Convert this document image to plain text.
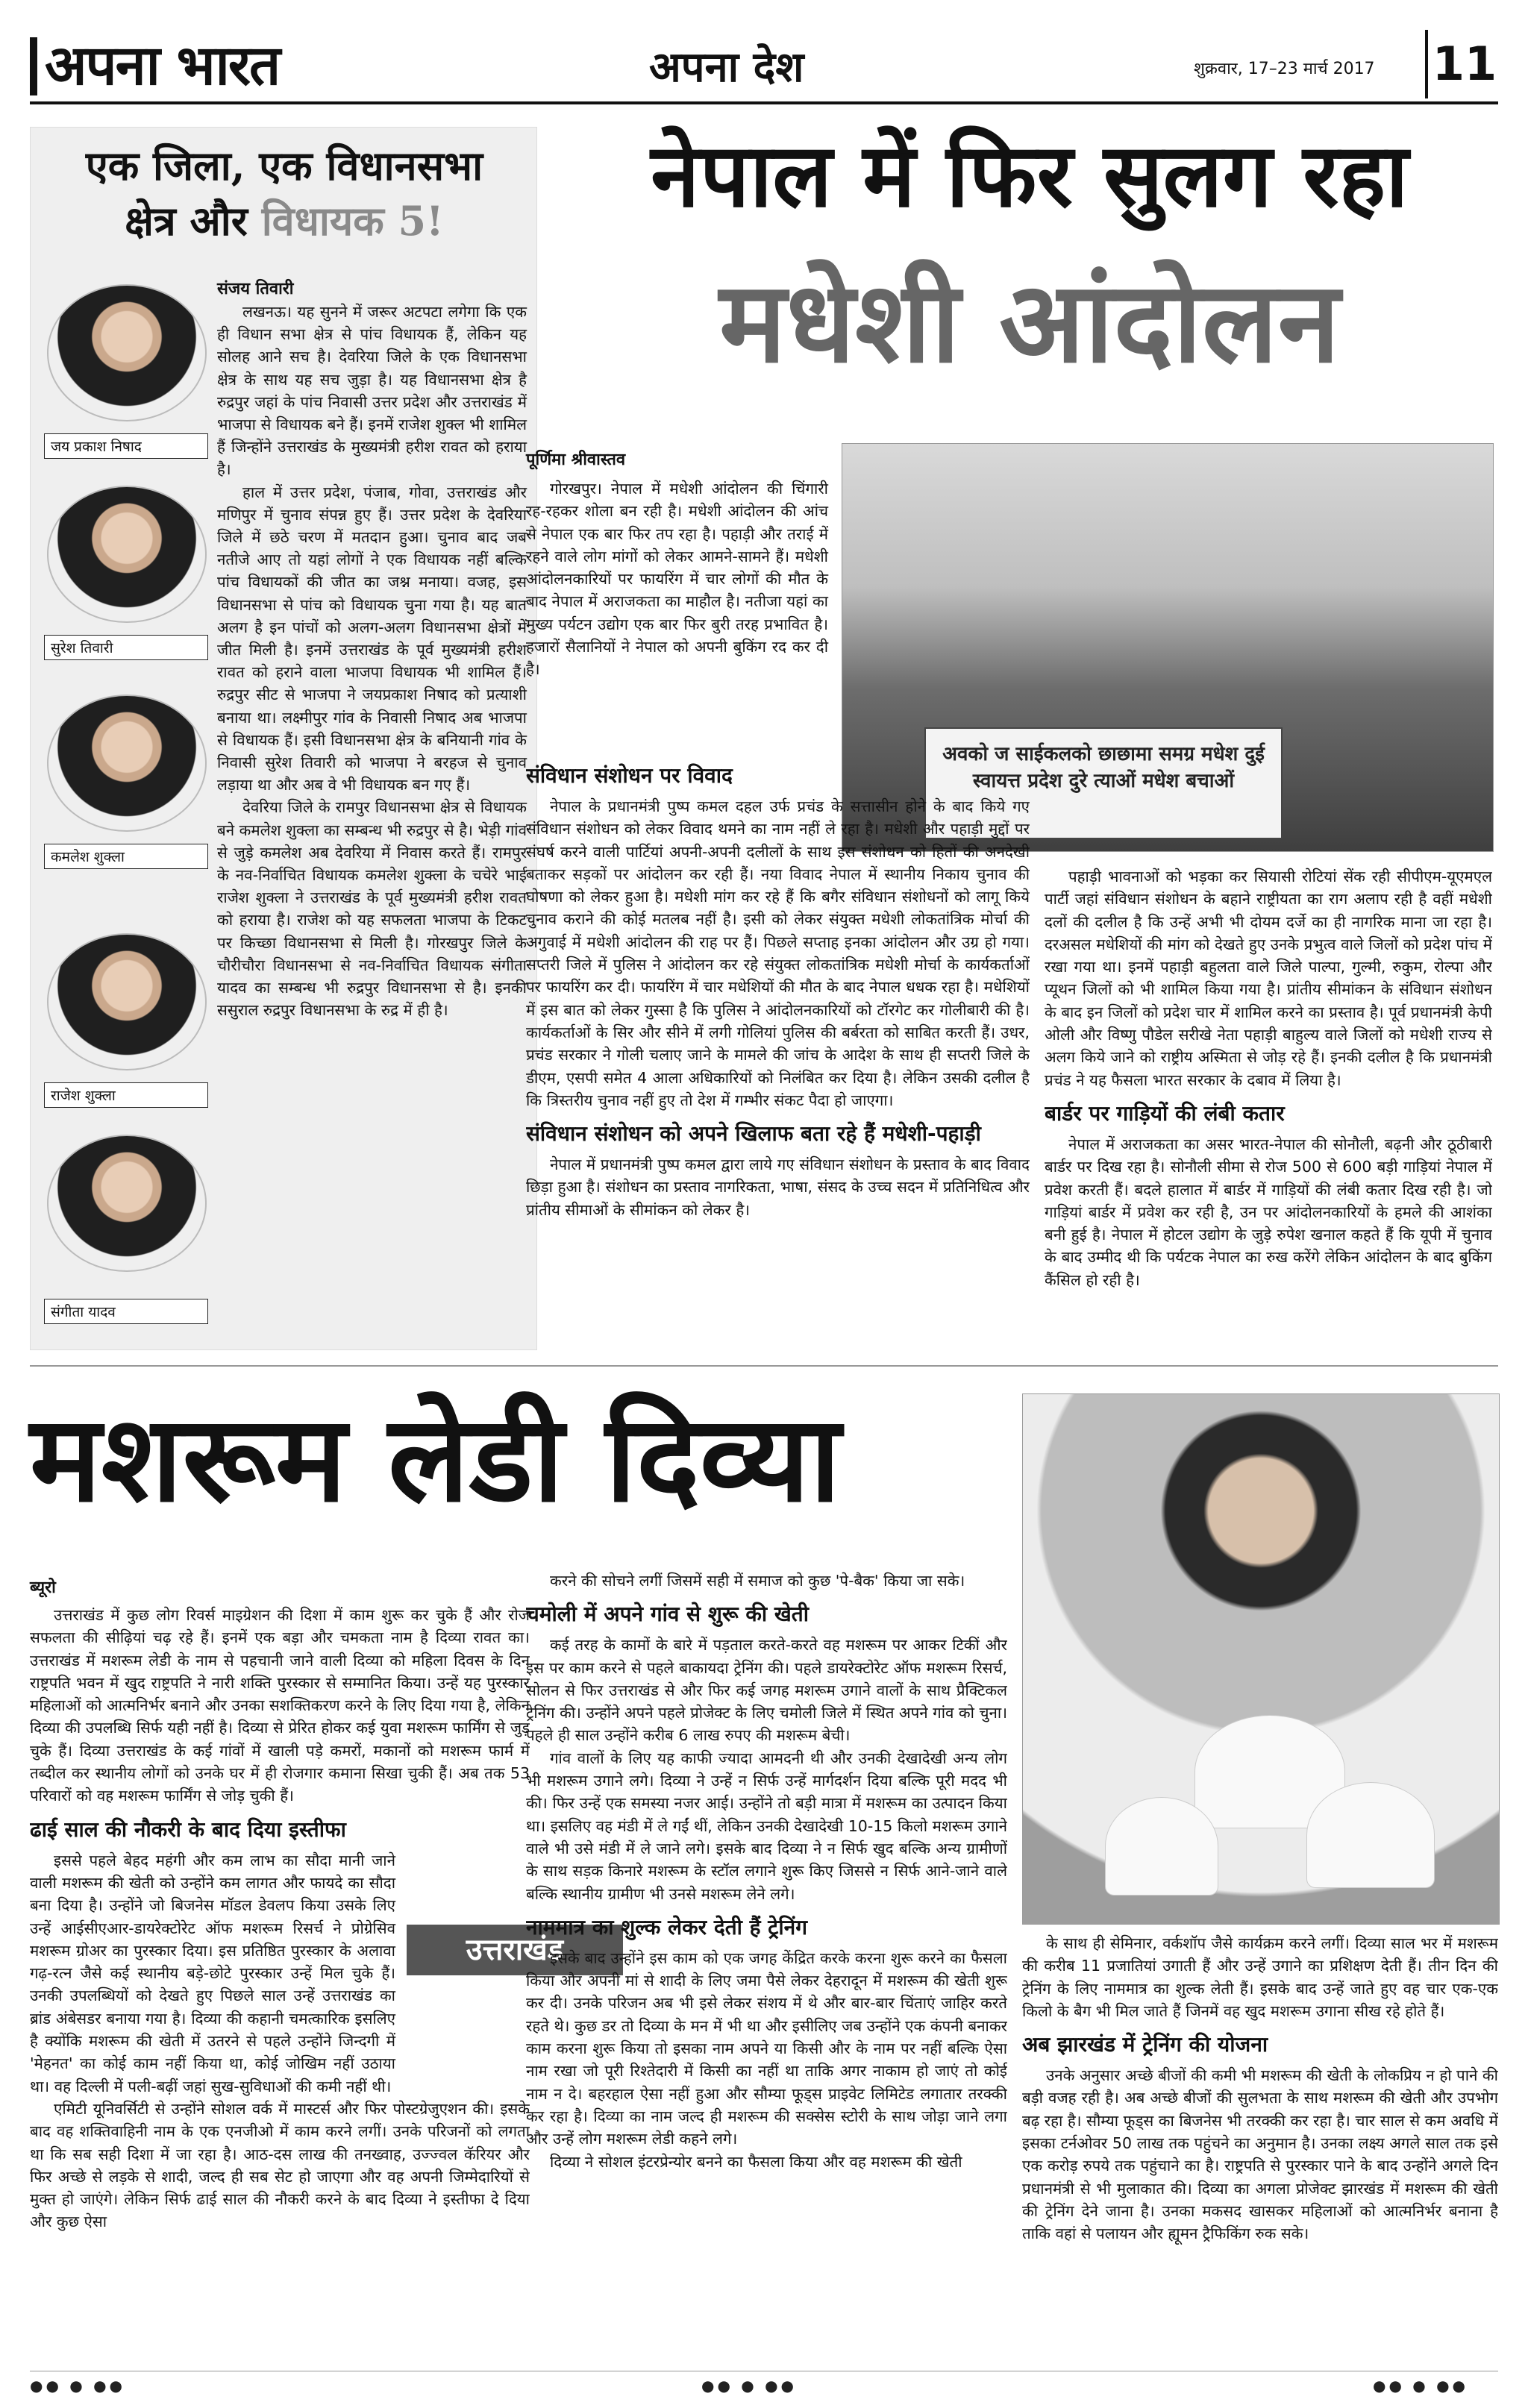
अपना भारत	अपना देश	शुक्रवार, 17–23 मार्च 2017 11
एक जिला, एक विधानसभा
क्षेत्र और विधायक 5!
संजय तिवारी
जय प्रकाश निषाद
सुरेश तिवारी
कमलेश शुक्ला
राजेश शुक्ला
संगीता यादव

लखनऊ। यह सुनने में जरूर अटपटा लगेगा कि एक ही विधान सभा क्षेत्र से पांच विधायक हैं, लेकिन यह सोलह आने सच है। देवरिया जिले के एक विधानसभा क्षेत्र के साथ यह सच जुड़ा है। यह विधानसभा क्षेत्र है रुद्रपुर जहां के पांच निवासी उत्तर प्रदेश और उत्तराखंड में भाजपा से विधायक बने हैं। इनमें राजेश शुक्ल भी शामिल हैं जिन्होंने उत्तराखंड के मुख्यमंत्री हरीश रावत को हराया है।

हाल में उत्तर प्रदेश, पंजाब, गोवा, उत्तराखंड और मणिपुर में चुनाव संपन्न हुए हैं। उत्तर प्रदेश के देवरिया जिले में छठे चरण में मतदान हुआ। चुनाव बाद जब नतीजे आए तो यहां लोगों ने एक विधायक नहीं बल्कि पांच विधायकों की जीत का जश्न मनाया। वजह, इस विधानसभा से पांच को विधायक चुना गया है। यह बात अलग है इन पांचों को अलग-अलग विधानसभा क्षेत्रों में जीत मिली है। इनमें उत्तराखंड के पूर्व मुख्यमंत्री हरीश रावत को हराने वाला भाजपा विधायक भी शामिल हैं। रुद्रपुर सीट से भाजपा ने जयप्रकाश निषाद को प्रत्याशी बनाया था। लक्ष्मीपुर गांव के निवासी निषाद अब भाजपा से विधायक हैं। इसी विधानसभा क्षेत्र के बनियानी गांव के निवासी सुरेश तिवारी को भाजपा ने बरहज से चुनाव लड़ाया था और अब वे भी विधायक बन गए हैं।

देवरिया जिले के रामपुर विधानसभा क्षेत्र से विधायक बने कमलेश शुक्ला का सम्बन्ध भी रुद्रपुर से है। भेड़ी गांव से जुड़े कमलेश अब देवरिया में निवास करते हैं। रामपुर के नव-निर्वाचित विधायक कमलेश शुक्ला के चचेरे भाई राजेश शुक्ला ने उत्तराखंड के पूर्व मुख्यमंत्री हरीश रावत को हराया है। राजेश को यह सफलता भाजपा के टिकट पर किच्छा विधानसभा से मिली है। गोरखपुर जिले के चौरीचौरा विधानसभा से नव-निर्वाचित विधायक संगीता यादव का सम्बन्ध भी रुद्रपुर विधानसभा से है। इनकी ससुराल रुद्रपुर विधानसभा के रुद्र में ही है।

नेपाल में फिर सुलग रहा
मधेशी आंदोलन
पूर्णिमा श्रीवास्तव
अवको ज साईकलको छाछामा समग्र मधेश दुई स्वायत्त प्रदेश दुरे त्याओं मधेश बचाओं

गोरखपुर। नेपाल में मधेशी आंदोलन की चिंगारी रह-रहकर शोला बन रही है। मधेशी आंदोलन की आंच से नेपाल एक बार फिर तप रहा है। पहाड़ी और तराई में रहने वाले लोग मांगों को लेकर आमने-सामने हैं। मधेशी आंदोलनकारियों पर फायरिंग में चार लोगों की मौत के बाद नेपाल में अराजकता का माहौल है। नतीजा यहां का मुख्य पर्यटन उद्योग एक बार फिर बुरी तरह प्रभावित है। हजारों सैलानियों ने नेपाल को अपनी बुकिंग रद कर दी है।

संविधान संशोधन पर विवाद

नेपाल के प्रधानमंत्री पुष्प कमल दहल उर्फ प्रचंड के सत्तासीन होने के बाद किये गए संविधान संशोधन को लेकर विवाद थमने का नाम नहीं ले रहा है। मधेशी और पहाड़ी मुद्दों पर संघर्ष करने वाली पार्टियां अपनी-अपनी दलीलों के साथ इस संशोधन को हितों की अनदेखी बताकर सड़कों पर आंदोलन कर रही हैं। नया विवाद नेपाल में स्थानीय निकाय चुनाव की घोषणा को लेकर हुआ है। मधेशी मांग कर रहे हैं कि बगैर संविधान संशोधनों को लागू किये चुनाव कराने की कोई मतलब नहीं है। इसी को लेकर संयुक्त मधेशी लोकतांत्रिक मोर्चा की अगुवाई में मधेशी आंदोलन की राह पर हैं। पिछले सप्ताह इनका आंदोलन और उग्र हो गया। सप्तरी जिले में पुलिस ने आंदोलन कर रहे संयुक्त लोकतांत्रिक मधेशी मोर्चा के कार्यकर्ताओं पर फायरिंग कर दी। फायरिंग में चार मधेशियों की मौत के बाद नेपाल धधक रहा है। मधेशियों में इस बात को लेकर गुस्सा है कि पुलिस ने आंदोलनकारियों को टॉरगेट कर गोलीबारी की है। कार्यकर्ताओं के सिर और सीने में लगी गोलियां पुलिस की बर्बरता को साबित करती हैं। उधर, प्रचंड सरकार ने गोली चलाए जाने के मामले की जांच के आदेश के साथ ही सप्तरी जिले के डीएम, एसपी समेत 4 आला अधिकारियों को निलंबित कर दिया है। लेकिन उसकी दलील है कि त्रिस्तरीय चुनाव नहीं हुए तो देश में गम्भीर संकट पैदा हो जाएगा।

संविधान संशोधन को अपने खिलाफ बता रहे हैं मधेशी-पहाड़ी

नेपाल में प्रधानमंत्री पुष्प कमल द्वारा लाये गए संविधान संशोधन के प्रस्ताव के बाद विवाद छिड़ा हुआ है। संशोधन का प्रस्ताव नागरिकता, भाषा, संसद के उच्च सदन में प्रतिनिधित्व और प्रांतीय सीमाओं के सीमांकन को लेकर है।

पहाड़ी भावनाओं को भड़का कर सियासी रोटियां सेंक रही सीपीएम-यूएमएल पार्टी जहां संविधान संशोधन के बहाने राष्ट्रीयता का राग अलाप रही है वहीं मधेशी दलों की दलील है कि उन्हें अभी भी दोयम दर्जे का ही नागरिक माना जा रहा है। दरअसल मधेशियों की मांग को देखते हुए उनके प्रभुत्व वाले जिलों को प्रदेश पांच में रखा गया था। इनमें पहाड़ी बहुलता वाले जिले पाल्पा, गुल्मी, रुकुम, रोल्पा और प्यूथन जिलों को भी शामिल किया गया है। प्रांतीय सीमांकन के संविधान संशोधन के बाद इन जिलों को प्रदेश चार में शामिल करने का प्रस्ताव है। पूर्व प्रधानमंत्री केपी ओली और विष्णु पौडेल सरीखे नेता पहाड़ी बाहुल्य वाले जिलों को मधेशी राज्य से अलग किये जाने को राष्ट्रीय अस्मिता से जोड़ रहे हैं। इनकी दलील है कि प्रधानमंत्री प्रचंड ने यह फैसला भारत सरकार के दबाव में लिया है।

बार्डर पर गाड़ियों की लंबी कतार

नेपाल में अराजकता का असर भारत-नेपाल की सोनौली, बढ़नी और ठूठीबारी बार्डर पर दिख रहा है। सोनौली सीमा से रोज 500 से 600 बड़ी गाड़ियां नेपाल में प्रवेश करती हैं। बदले हालात में बार्डर में गाड़ियों की लंबी कतार दिख रही है। जो गाड़ियां बार्डर में प्रवेश कर रही है, उन पर आंदोलनकारियों के हमले की आशंका बनी हुई है। नेपाल में होटल उद्योग के जुड़े रुपेश खनाल कहते हैं कि यूपी में चुनाव के बाद उम्मीद थी कि पर्यटक नेपाल का रुख करेंगे लेकिन आंदोलन के बाद बुकिंग कैंसिल हो रही है।

मशरूम लेडी दिव्या
ब्यूरो

उत्तराखंड में कुछ लोग रिवर्स माइग्रेशन की दिशा में काम शुरू कर चुके हैं और रोज सफलता की सीढ़ियां चढ़ रहे हैं। इनमें एक बड़ा और चमकता नाम है दिव्या रावत का। उत्तराखंड में मशरूम लेडी के नाम से पहचानी जाने वाली दिव्या को महिला दिवस के दिन राष्ट्रपति भवन में खुद राष्ट्रपति ने नारी शक्ति पुरस्कार से सम्मानित किया। उन्हें यह पुरस्कार महिलाओं को आत्मनिर्भर बनाने और उनका सशक्तिकरण करने के लिए दिया गया है, लेकिन दिव्या की उपलब्धि सिर्फ यही नहीं है। दिव्या से प्रेरित होकर कई युवा मशरूम फार्मिंग से जुड़ चुके हैं। दिव्या उत्तराखंड के कई गांवों में खाली पड़े कमरों, मकानों को मशरूम फार्म में तब्दील कर स्थानीय लोगों को उनके घर में ही रोजगार कमाना सिखा चुकी हैं। अब तक 53 परिवारों को वह मशरूम फार्मिंग से जोड़ चुकी हैं।

ढाई साल की नौकरी के बाद दिया इस्तीफा

इससे पहले बेहद महंगी और कम लाभ का सौदा मानी जाने वाली मशरूम की खेती को उन्होंने कम लागत और फायदे का सौदा बना दिया है। उन्होंने जो बिजनेस मॉडल डेवलप किया उसके लिए उन्हें आईसीएआर-डायरेक्टोरेट ऑफ मशरूम रिसर्च ने प्रोग्रेसिव मशरूम ग्रोअर का पुरस्कार दिया। इस प्रतिष्ठित पुरस्कार के अलावा गढ़-रत्न जैसे कई स्थानीय बड़े-छोटे पुरस्कार उन्हें मिल चुके हैं। उनकी उपलब्धियों को देखते हुए पिछले साल उन्हें उत्तराखंड का ब्रांड अंबेसडर बनाया गया है। दिव्या की कहानी चमत्कारिक इसलिए है क्योंकि मशरूम की खेती में उतरने से पहले उन्होंने जिन्दगी में 'मेहनत' का कोई काम नहीं किया था, कोई जोखिम नहीं उठाया था। वह दिल्ली में पली-बढ़ीं जहां सुख-सुविधाओं की कमी नहीं थी।

एमिटी यूनिवर्सिटी से उन्होंने सोशल वर्क में मास्टर्स और फिर पोस्टग्रेजुएशन की। इसके बाद वह शक्तिवाहिनी नाम के एक एनजीओ में काम करने लगीं। उनके परिजनों को लगता था कि सब सही दिशा में जा रहा है। आठ-दस लाख की तनख्वाह, उज्ज्वल कॅरियर और फिर अच्छे से लड़के से शादी, जल्द ही सब सेट हो जाएगा और वह अपनी जिम्मेदारियों से मुक्त हो जाएंगे। लेकिन सिर्फ ढाई साल की नौकरी करने के बाद दिव्या ने इस्तीफा दे दिया और कुछ ऐसा

उत्तराखंड

करने की सोचने लगीं जिसमें सही में समाज को कुछ 'पे-बैक' किया जा सके।

चमोली में अपने गांव से शुरू की खेती

कई तरह के कामों के बारे में पड़ताल करते-करते वह मशरूम पर आकर टिकीं और इस पर काम करने से पहले बाकायदा ट्रेनिंग की। पहले डायरेक्टोरेट ऑफ मशरूम रिसर्च, सोलन से फिर उत्तराखंड से और फिर कई जगह मशरूम उगाने वालों के साथ प्रैक्टिकल ट्रेनिंग की। उन्होंने अपने पहले प्रोजेक्ट के लिए चमोली जिले में स्थित अपने गांव को चुना। पहले ही साल उन्होंने करीब 6 लाख रुपए की मशरूम बेची।

गांव वालों के लिए यह काफी ज्यादा आमदनी थी और उनकी देखादेखी अन्य लोग भी मशरूम उगाने लगे। दिव्या ने उन्हें न सिर्फ उन्हें मार्गदर्शन दिया बल्कि पूरी मदद भी की। फिर उन्हें एक समस्या नजर आई। उन्होंने तो बड़ी मात्रा में मशरूम का उत्पादन किया था। इसलिए वह मंडी में ले गईं थीं, लेकिन उनकी देखादेखी 10-15 किलो मशरूम उगाने वाले भी उसे मंडी में ले जाने लगे। इसके बाद दिव्या ने न सिर्फ खुद बल्कि अन्य ग्रामीणों के साथ सड़क किनारे मशरूम के स्टॉल लगाने शुरू किए जिससे न सिर्फ आने-जाने वाले बल्कि स्थानीय ग्रामीण भी उनसे मशरूम लेने लगे।

नाममात्र का शुल्क लेकर देती हैं ट्रेनिंग

इसके बाद उन्होंने इस काम को एक जगह केंद्रित करके करना शुरू करने का फैसला किया और अपनी मां से शादी के लिए जमा पैसे लेकर देहरादून में मशरूम की खेती शुरू कर दी। उनके परिजन अब भी इसे लेकर संशय में थे और बार-बार चिंताएं जाहिर करते रहते थे। कुछ डर तो दिव्या के मन में भी था और इसीलिए जब उन्होंने एक कंपनी बनाकर काम करना शुरू किया तो इसका नाम अपने या किसी और के नाम पर नहीं बल्कि ऐसा नाम रखा जो पूरी रिश्तेदारी में किसी का नहीं था ताकि अगर नाकाम हो जाएं तो कोई नाम न दे। बहरहाल ऐसा नहीं हुआ और सौम्या फूड्स प्राइवेट लिमिटेड लगातार तरक्की कर रहा है। दिव्या का नाम जल्द ही मशरूम की सक्सेस स्टोरी के साथ जोड़ा जाने लगा और उन्हें लोग मशरूम लेडी कहने लगे।

दिव्या ने सोशल इंटरप्रेन्योर बनने का फैसला किया और वह मशरूम की खेती

के साथ ही सेमिनार, वर्कशॉप जैसे कार्यक्रम करने लगीं। दिव्या साल भर में मशरूम की करीब 11 प्रजातियां उगाती हैं और उन्हें उगाने का प्रशिक्षण देती हैं। तीन दिन की ट्रेनिंग के लिए नाममात्र का शुल्क लेती हैं। इसके बाद उन्हें जाते हुए वह चार एक-एक किलो के बैग भी मिल जाते हैं जिनमें वह खुद मशरूम उगाना सीख रहे होते हैं।

अब झारखंड में ट्रेनिंग की योजना

उनके अनुसार अच्छे बीजों की कमी भी मशरूम की खेती के लोकप्रिय न हो पाने की बड़ी वजह रही है। अब अच्छे बीजों की सुलभता के साथ मशरूम की खेती और उपभोग बढ़ रहा है। सौम्या फूड्स का बिजनेस भी तरक्की कर रहा है। चार साल से कम अवधि में इसका टर्नओवर 50 लाख तक पहुंचने का अनुमान है। उनका लक्ष्य अगले साल तक इसे एक करोड़ रुपये तक पहुंचाने का है। राष्ट्रपति से पुरस्कार पाने के बाद उन्होंने अगले दिन प्रधानमंत्री से भी मुलाकात की। दिव्या का अगला प्रोजेक्ट झारखंड में मशरूम की खेती की ट्रेनिंग देने जाना है। उनका मकसद खासकर महिलाओं को आत्मनिर्भर बनाना है ताकि वहां से पलायन और ह्यूमन ट्रैफिकिंग रुक सके।

●● ● ●●	●● ● ●●	●● ● ●●
